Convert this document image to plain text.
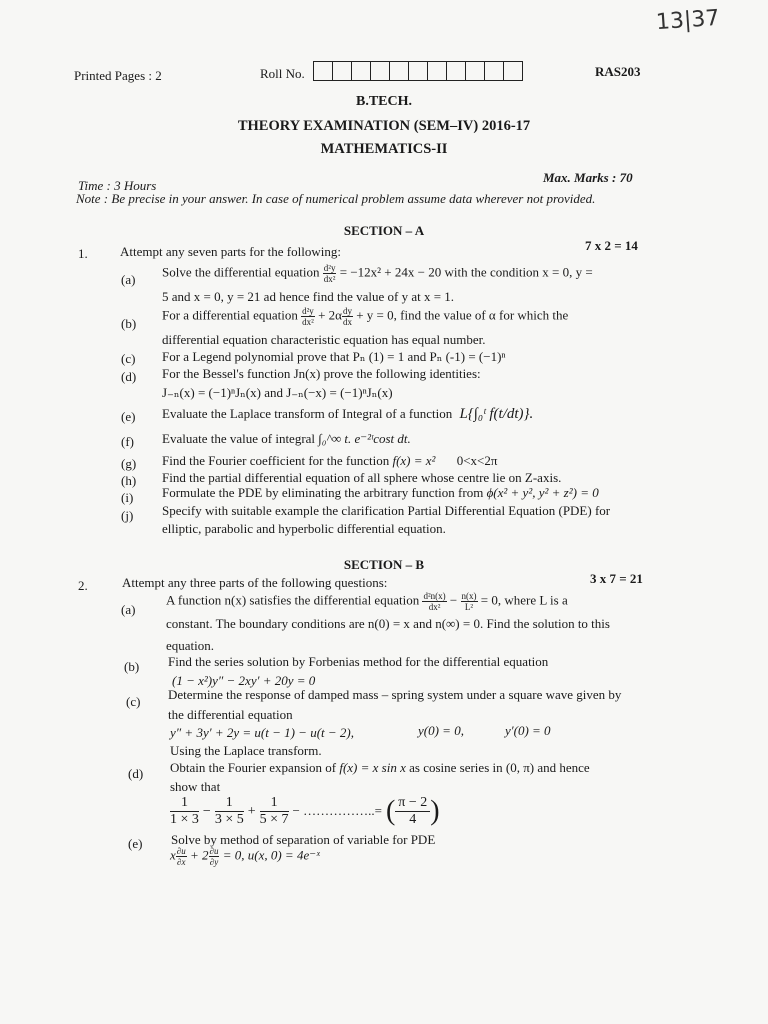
13|37
Printed Pages : 2	Roll No.	RAS203
B.TECH.
THEORY EXAMINATION (SEM–IV) 2016-17
MATHEMATICS-II
Time : 3 Hours
Max. Marks : 70
Note : Be precise in your answer. In case of numerical problem assume data wherever not provided.
SECTION – A
1. Attempt any seven parts for the following:	7 x 2 = 14
(a)
Solve the differential equation $\frac{\text{d²y}}{\text{dx²}} = -12x^2 + 24x - 20$ with the condition x = 0, y =
5 and x = 0, y = 21 ad hence find the value of y at x = 1.
(b)
For a differential equation $\frac{\text{d²y}}{\text{dx²}} + 2\alpha \frac{dy}{dx} + y = 0$, find the value of α for which the
differential equation characteristic equation has equal number.
(c) For a Legend polynomial prove that Pₙ (1) = 1 and Pₙ (-1) = (−1)ⁿ
(d) For the Bessel's function Jn(x) prove the following identities:
J₋ₙ(x) = (−1)ⁿJₙ(x) and J₋ₙ(−x) = (−1)ⁿJₙ(x)
(e) Evaluate the Laplace transform of Integral of a function L{∫₀ᵗ f(t/dt)}.
(f) Evaluate the value of integral ∫₀^∞ t. e⁻²ᵗcost dt.
(g) Find the Fourier coefficient for the function f(x) = x² 0<x<2π
(h) Find the partial differential equation of all sphere whose centre lie on Z-axis.
(i) Formulate the PDE by eliminating the arbitrary function from ϕ(x² + y², y² + z²) = 0
(j) Specify with suitable example the clarification Partial Differential Equation (PDE) for
elliptic, parabolic and hyperbolic differential equation.
SECTION – B
2.	Attempt any three parts of the following questions:	3 x 7 = 21
(a)
A function n(x) satisfies the differential equation $\frac{\text{d²n(x)}}{\text{dx²}} - \frac{n(x)}{\text{L²}} = 0$, where L is a
constant. The boundary conditions are n(0) = x and n(∞) = 0. Find the solution to this
equation.
(b) Find the series solution by Forbenias method for the differential equation
(1 − x²)y″ − 2xy′ + 20y = 0
(c) Determine the response of damped mass – spring system under a square wave given by
the differential equation
y″ + 3y′ + 2y = u(t − 1) − u(t − 2),	y(0) = 0,	y′(0) = 0
Using the Laplace transform.
(d) Obtain the Fourier expansion of f(x) = x sin x as cosine series in (0, π) and hence
show that
$\frac{1}{1 \times 3} - \frac{1}{3 \times 5} + \frac{1}{5 \times 7}$ − ……………..= ( $\frac{\pi - 2}{4}$ )
(e) Solve by method of separation of variable for PDE
x $\frac{\partial u}{\partial x} + 2 \frac{\partial u}{\partial y} = 0$, u(x, 0) = 4e⁻ˣ
